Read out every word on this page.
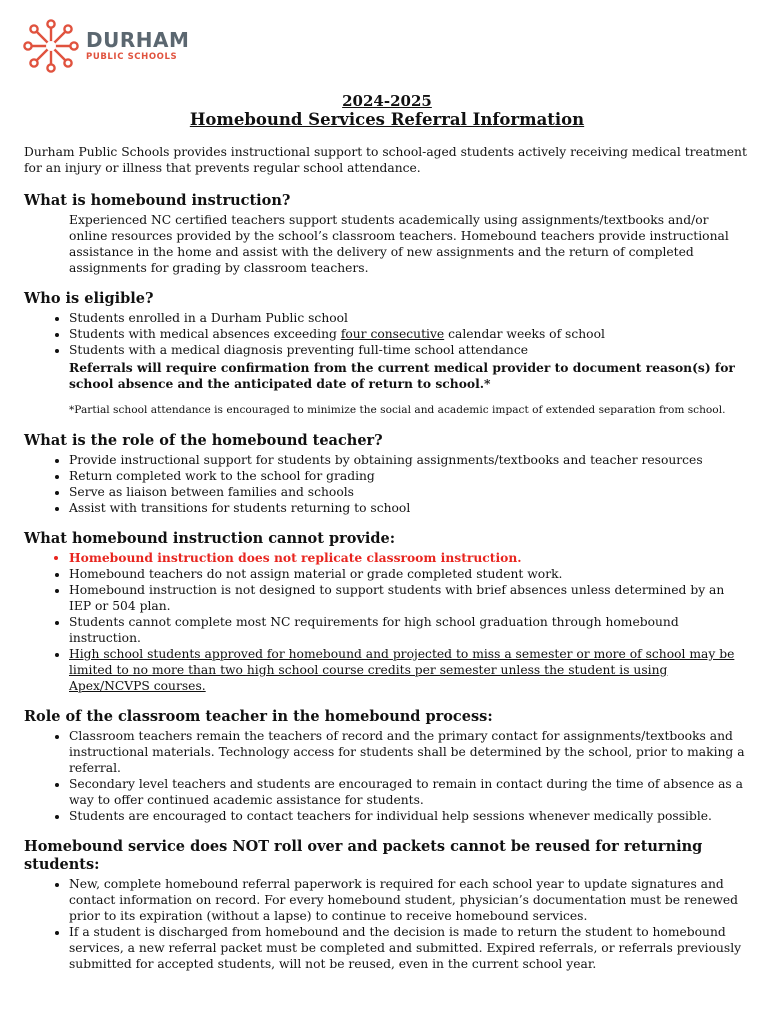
DURHAM
PUBLIC SCHOOLS
2024-2025
Homebound Services Referral Information

Durham Public Schools provides instructional support to school-aged students actively receiving medical treatment for an injury or illness that prevents regular school attendance.

What is homebound instruction?

Experienced NC certified teachers support students academically using assignments/textbooks and/or online resources provided by the school’s classroom teachers. Homebound teachers provide instructional assistance in the home and assist with the delivery of new assignments and the return of completed assignments for grading by classroom teachers.

Who is eligible?
• Students enrolled in a Durham Public school
• Students with medical absences exceeding four consecutive calendar weeks of school
• Students with a medical diagnosis preventing full-time school attendance

Referrals will require confirmation from the current medical provider to document reason(s) for school absence and the anticipated date of return to school.*

*Partial school attendance is encouraged to minimize the social and academic impact of extended separation from school.

What is the role of the homebound teacher?
• Provide instructional support for students by obtaining assignments/textbooks and teacher resources
• Return completed work to the school for grading
• Serve as liaison between families and schools
• Assist with transitions for students returning to school
What homebound instruction cannot provide:
• Homebound instruction does not replicate classroom instruction.
• Homebound teachers do not assign material or grade completed student work.
• Homebound instruction is not designed to support students with brief absences unless determined by an IEP or 504 plan.
• Students cannot complete most NC requirements for high school graduation through homebound instruction.
• High school students approved for homebound and projected to miss a semester or more of school may be limited to no more than two high school course credits per semester unless the student is using Apex/NCVPS courses.
Role of the classroom teacher in the homebound process:
• Classroom teachers remain the teachers of record and the primary contact for assignments/textbooks and instructional materials. Technology access for students shall be determined by the school, prior to making a referral.
• Secondary level teachers and students are encouraged to remain in contact during the time of absence as a way to offer continued academic assistance for students.
• Students are encouraged to contact teachers for individual help sessions whenever medically possible.
Homebound service does NOT roll over and packets cannot be reused for returning students:
• New, complete homebound referral paperwork is required for each school year to update signatures and contact information on record. For every homebound student, physician’s documentation must be renewed prior to its expiration (without a lapse) to continue to receive homebound services.
• If a student is discharged from homebound and the decision is made to return the student to homebound services, a new referral packet must be completed and submitted. Expired referrals, or referrals previously submitted for accepted students, will not be reused, even in the current school year.
